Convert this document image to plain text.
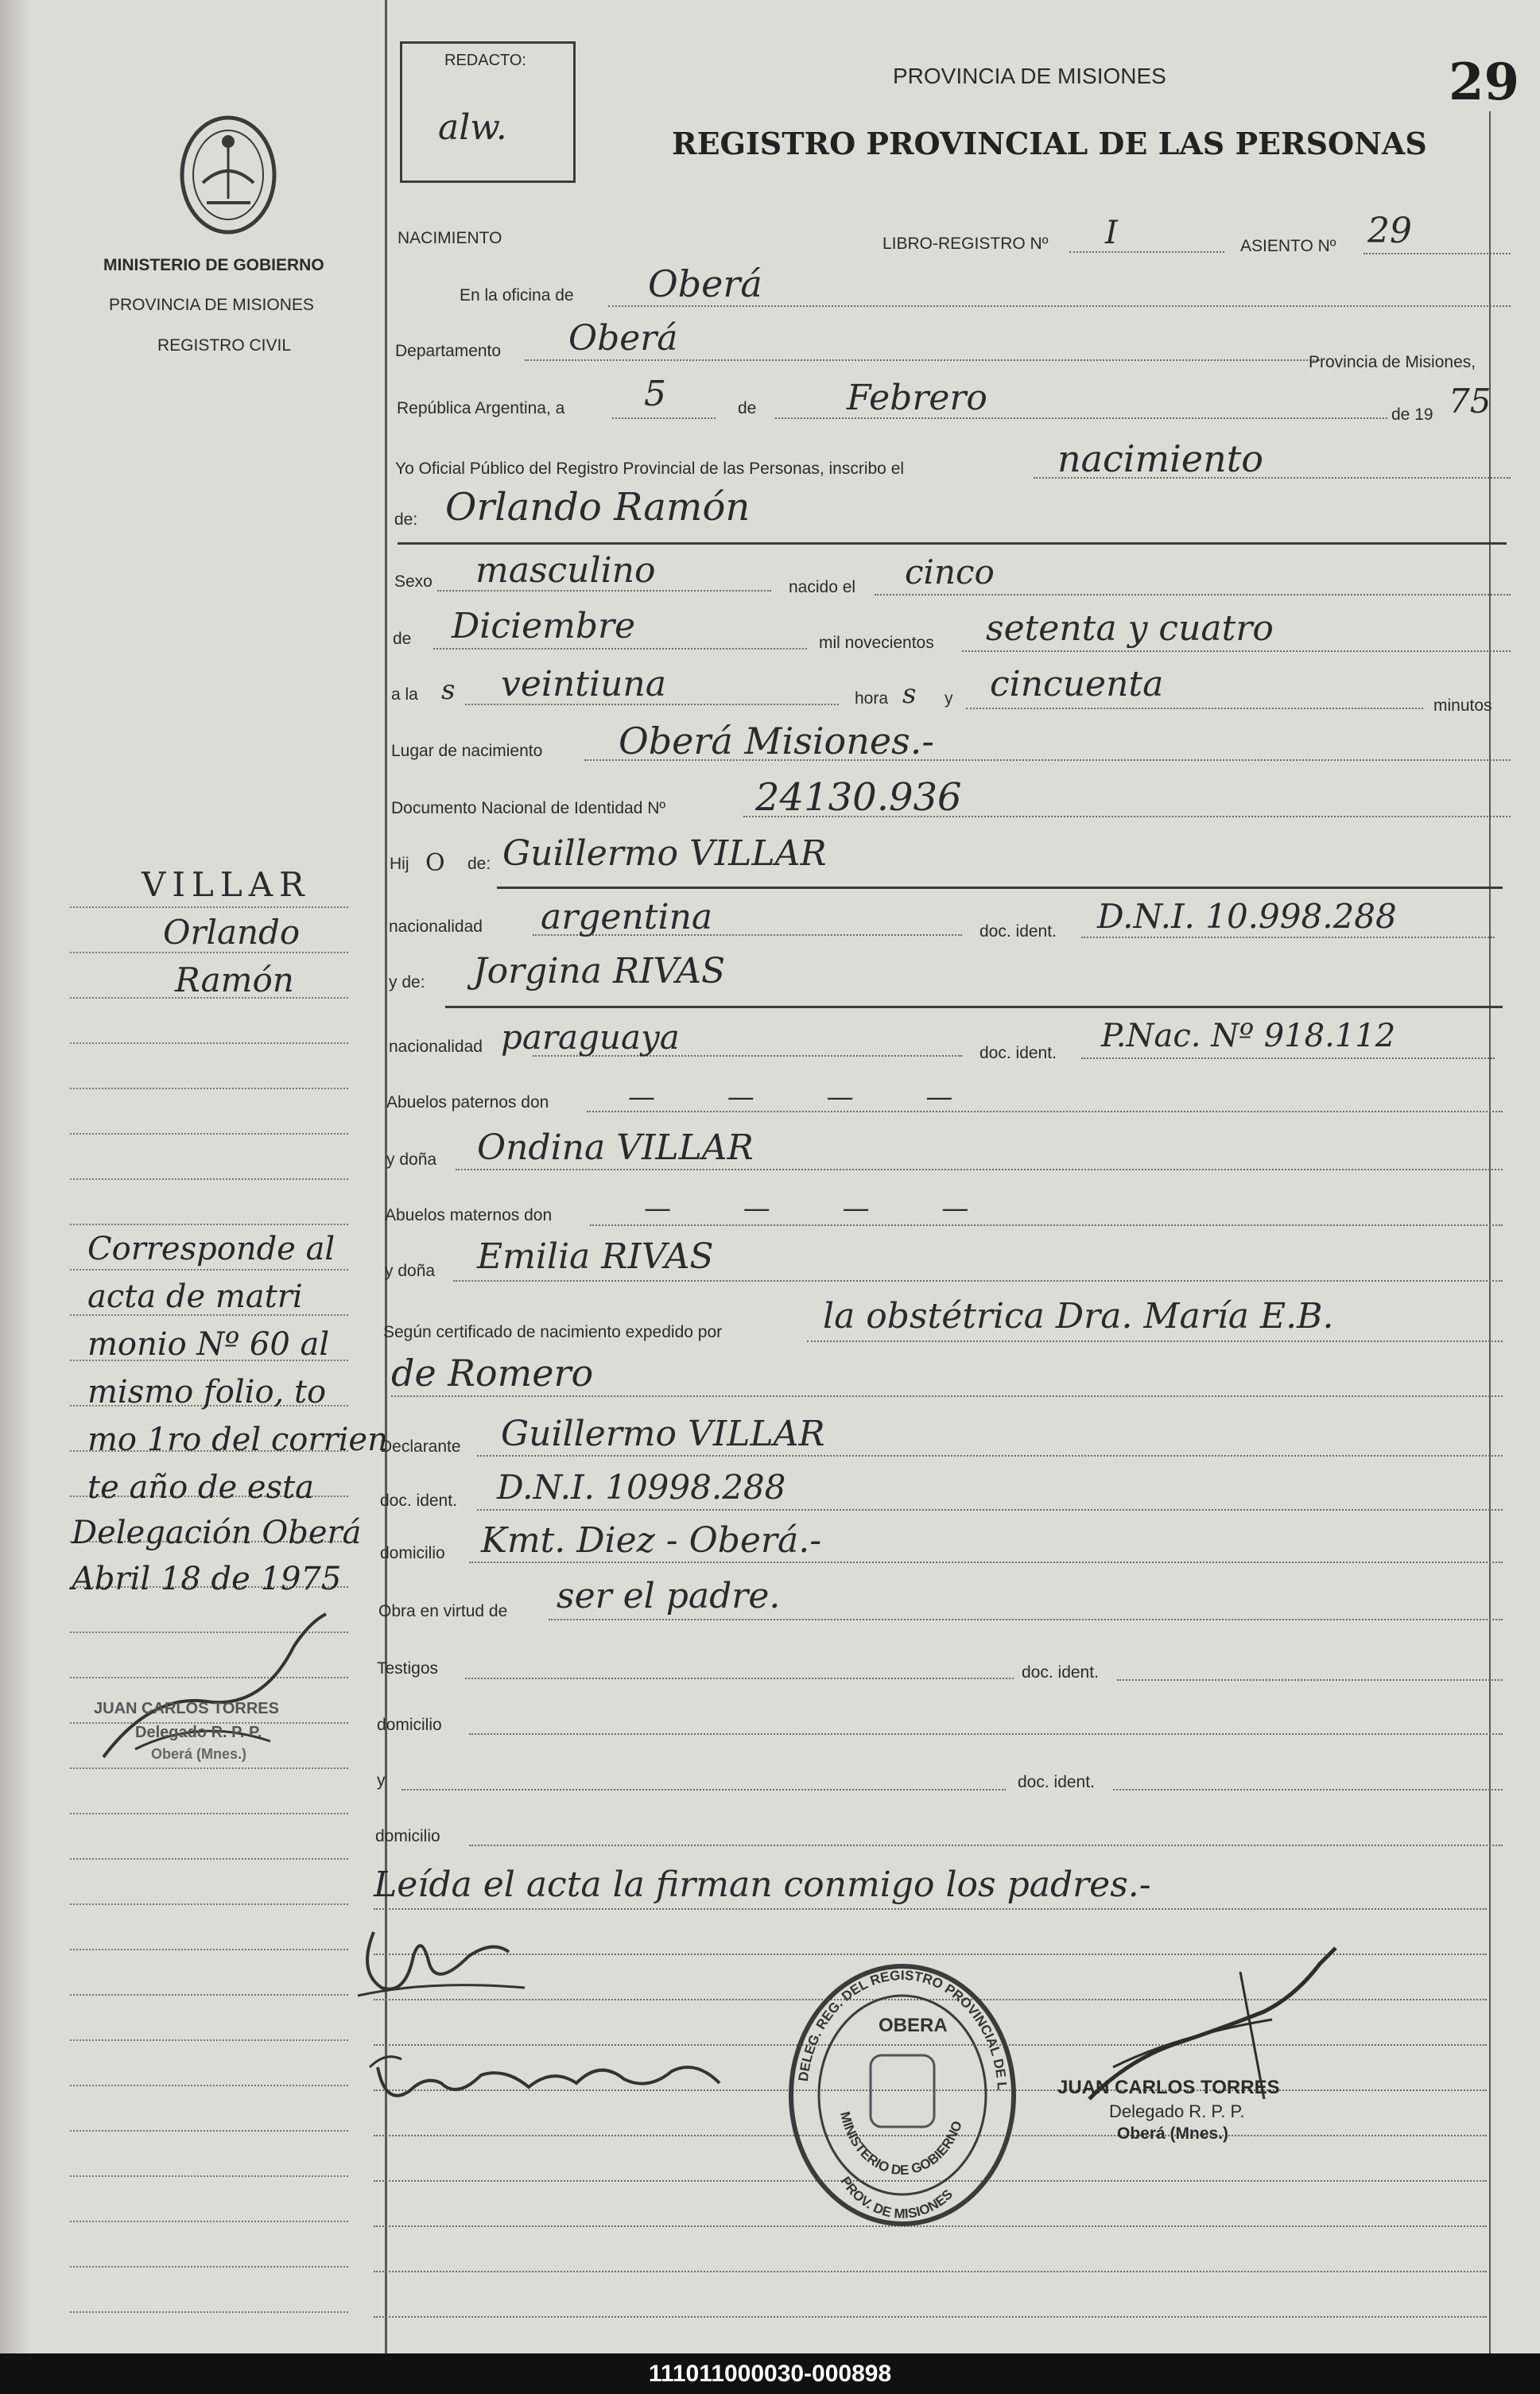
MINISTERIO DE GOBIERNO
PROVINCIA DE MISIONES
REGISTRO CIVIL
VILLAR
Orlando
Ramón
Corresponde al
acta de matri
monio Nº 60 al
mismo folio, to
mo 1ro del corrien
te año de esta
Delegación Oberá
Abril 18 de 1975
JUAN CARLOS TORRES
Delegado R. P. P.
Oberá (Mnes.)
REDACTO:
alw.
PROVINCIA DE MISIONES
REGISTRO PROVINCIAL DE LAS PERSONAS
29
NACIMIENTO	LIBRO-REGISTRO Nº I	ASIENTO Nº 29
En la oficina de Oberá
Departamento Oberá
Provincia de Misiones,
República Argentina, a 5	de	Febrero	de 19 75
Yo Oficial Público del Registro Provincial de las Personas, inscribo el	nacimiento
de: Orlando Ramón
Sexo masculino	nacido el cinco
de Diciembre	mil novecientos setenta y cuatro
a la s veintiuna	hora s y cincuenta
minutos
Lugar de nacimiento Oberá Misiones.-
Documento Nacional de Identidad Nº 24130.936
Hij O de: Guillermo VILLAR
nacionalidad argentina	doc. ident. D.N.I. 10.998.288
y de: Jorgina RIVAS
nacionalidad paraguaya	doc. ident. P.Nac. Nº 918.112
Abuelos paternos don	— — — —
y doña Ondina VILLAR
Abuelos maternos don	— — — —
y doña Emilia RIVAS
Según certificado de nacimiento expedido por	la obstétrica Dra. María E.B.
de Romero
Declarante Guillermo VILLAR
doc. ident. D.N.I. 10998.288
domicilio Kmt. Diez - Oberá.-
Obra en virtud de ser el padre.
Testigos	doc. ident.
domicilio
y	doc. ident.
domicilio
Leída el acta la firman conmigo los padres.-
DELEG. REG. DEL REGISTRO PROVINCIAL DE L
OBERA
MINISTERIO DE GOBIERNO
PROV. DE MISIONES
JUAN CARLOS TORRES
Delegado R. P. P.
Oberá (Mnes.)
111011000030-000898
